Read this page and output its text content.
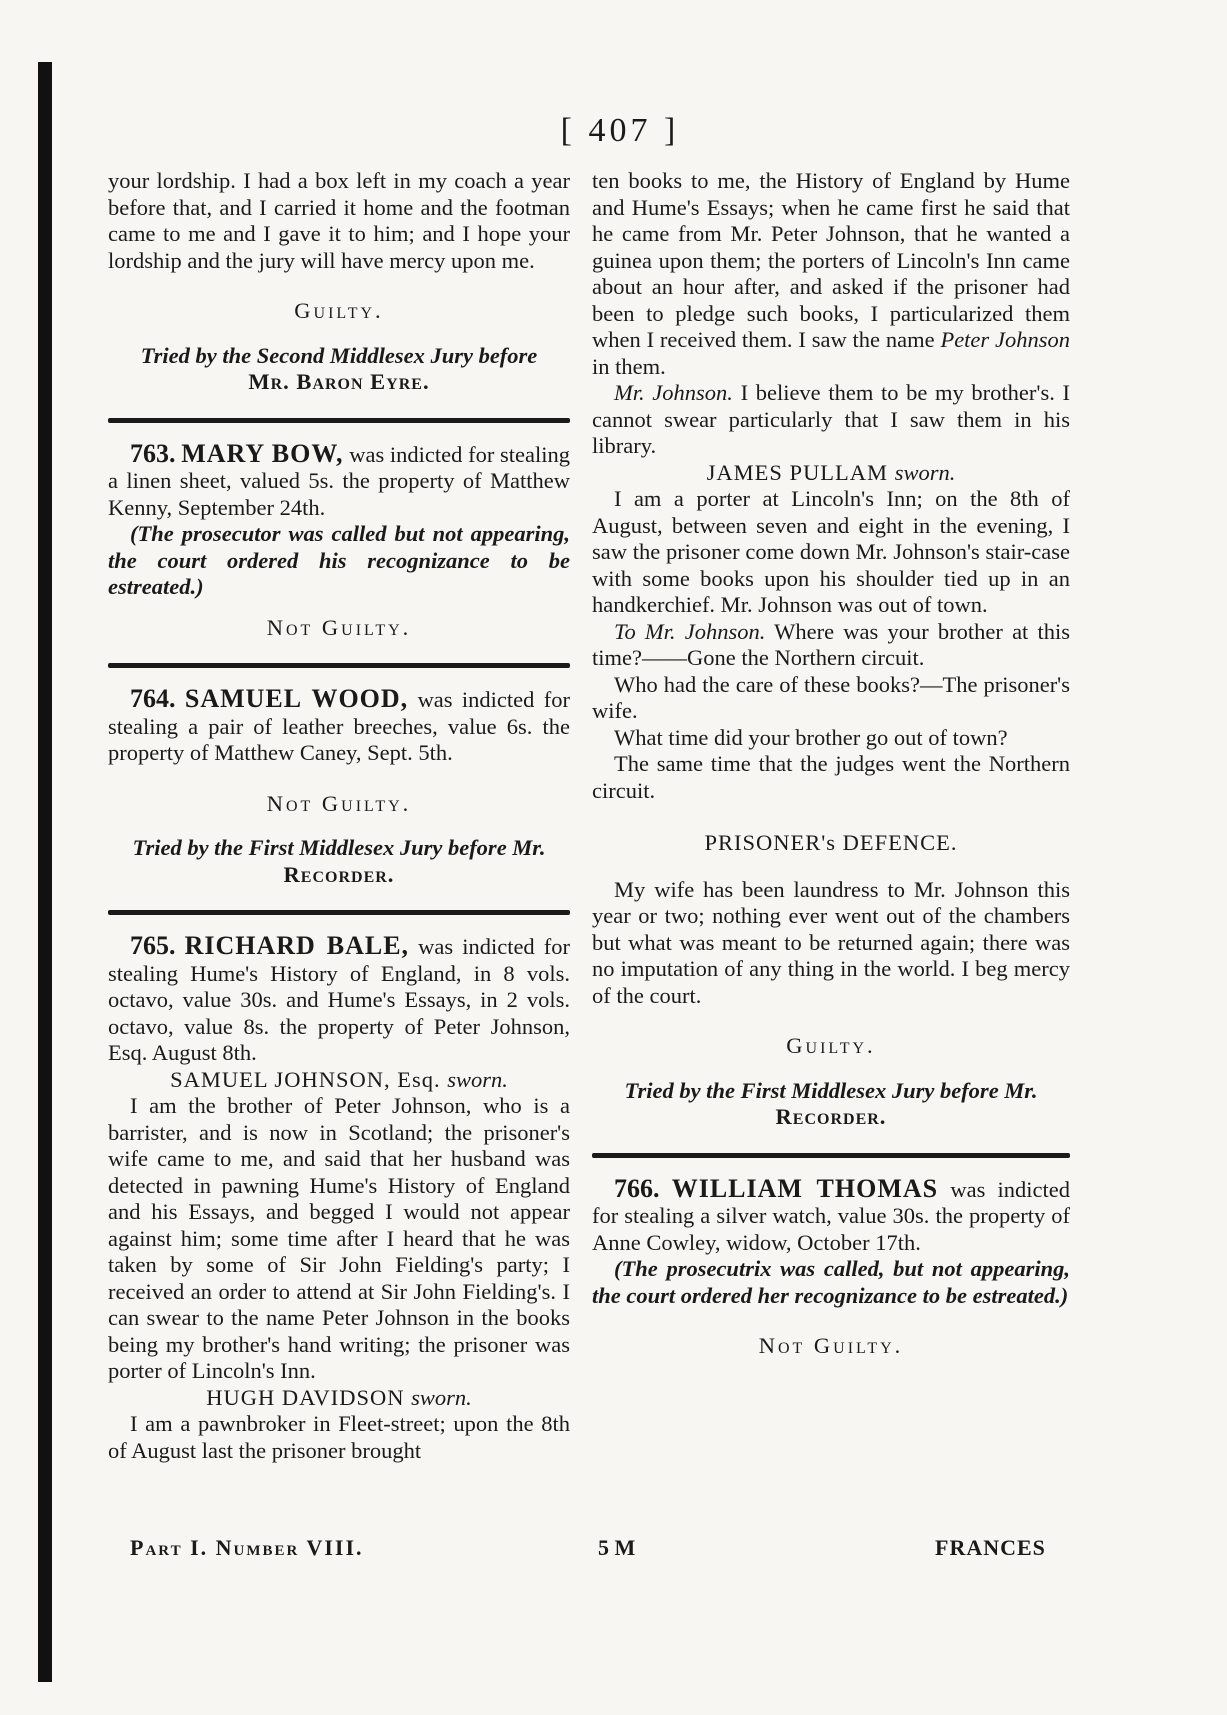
[ 407 ]

your lordship. I had a box left in my coach a year before that, and I carried it home and the footman came to me and I gave it to him; and I hope your lordship and the jury will have mercy upon me.

Guilty.

Tried by the Second Middlesex Jury before
Mr. Baron Eyre.

763. MARY BOW, was indicted for stealing a linen sheet, valued 5s. the property of Matthew Kenny, September 24th.

(The prosecutor was called but not appearing, the court ordered his recognizance to be estreated.)

Not Guilty.

764. SAMUEL WOOD, was indicted for stealing a pair of leather breeches, value 6s. the property of Matthew Caney, Sept. 5th.

Not Guilty.

Tried by the First Middlesex Jury before Mr.
Recorder.

765. RICHARD BALE, was indicted for stealing Hume's History of England, in 8 vols. octavo, value 30s. and Hume's Essays, in 2 vols. octavo, value 8s. the property of Peter Johnson, Esq. August 8th.

SAMUEL JOHNSON, Esq. sworn.

I am the brother of Peter Johnson, who is a barrister, and is now in Scotland; the prisoner's wife came to me, and said that her husband was detected in pawning Hume's History of England and his Essays, and begged I would not appear against him; some time after I heard that he was taken by some of Sir John Fielding's party; I received an order to attend at Sir John Fielding's. I can swear to the name Peter Johnson in the books being my brother's hand writing; the prisoner was porter of Lincoln's Inn.

HUGH DAVIDSON sworn.

I am a pawnbroker in Fleet-street; upon the 8th of August last the prisoner brought

ten books to me, the History of England by Hume and Hume's Essays; when he came first he said that he came from Mr. Peter Johnson, that he wanted a guinea upon them; the porters of Lincoln's Inn came about an hour after, and asked if the prisoner had been to pledge such books, I particularized them when I received them. I saw the name Peter Johnson in them.

Mr. Johnson. I believe them to be my brother's. I cannot swear particularly that I saw them in his library.

JAMES PULLAM sworn.

I am a porter at Lincoln's Inn; on the 8th of August, between seven and eight in the evening, I saw the prisoner come down Mr. Johnson's stair-case with some books upon his shoulder tied up in an handkerchief. Mr. Johnson was out of town.

To Mr. Johnson. Where was your brother at this time?——Gone the Northern circuit.

Who had the care of these books?—The prisoner's wife.

What time did your brother go out of town?

The same time that the judges went the Northern circuit.

PRISONER's DEFENCE.

My wife has been laundress to Mr. Johnson this year or two; nothing ever went out of the chambers but what was meant to be returned again; there was no imputation of any thing in the world. I beg mercy of the court.

Guilty.

Tried by the First Middlesex Jury before Mr.
Recorder.

766. WILLIAM THOMAS was indicted for stealing a silver watch, value 30s. the property of Anne Cowley, widow, October 17th.

(The prosecutrix was called, but not appearing, the court ordered her recognizance to be estreated.)

Not Guilty.

Part I. Number VIII.	5 M	FRANCES
